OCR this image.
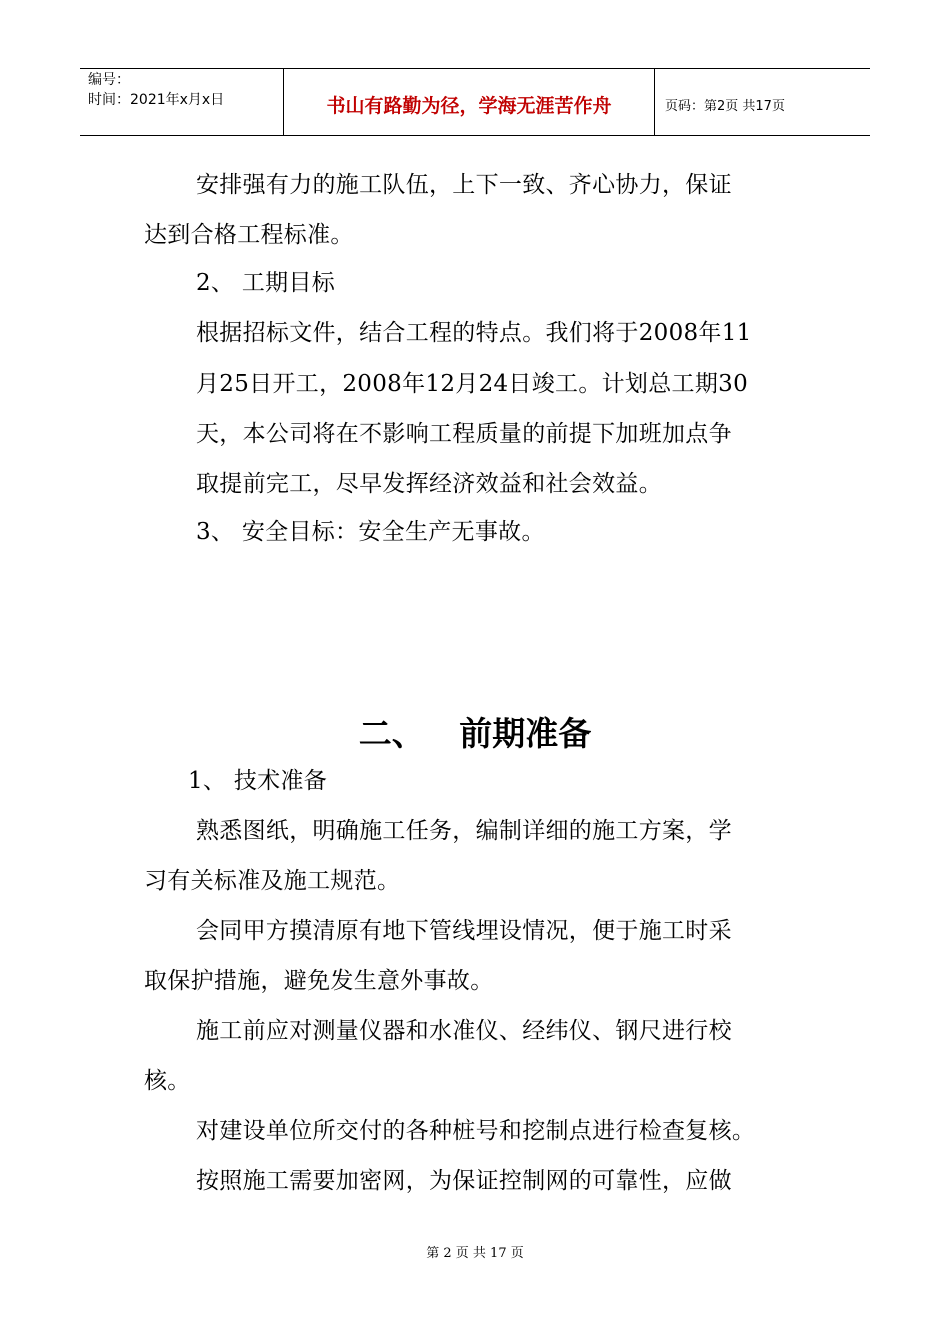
编号：
时间：2021年x月x日	书山有路勤为径，学海无涯苦作舟	页码：第2页 共17页
安排强有力的施工队伍，上下一致、齐心协力，保证
达到合格工程标准。
2、 工期目标
根据招标文件，结合工程的特点。我们将于2008年11
月25日开工，2008年12月24日竣工。计划总工期30
天，本公司将在不影响工程质量的前提下加班加点争
取提前完工，尽早发挥经济效益和社会效益。
3、 安全目标：安全生产无事故。
二、   前期准备
1、 技术准备
熟悉图纸，明确施工任务，编制详细的施工方案，学
习有关标准及施工规范。
会同甲方摸清原有地下管线埋设情况，便于施工时采
取保护措施，避免发生意外事故。
施工前应对测量仪器和水准仪、经纬仪、钢尺进行校
核。
对建设单位所交付的各种桩号和挖制点进行检查复核。
按照施工需要加密网，为保证控制网的可靠性，应做
第 2 页 共 17 页
